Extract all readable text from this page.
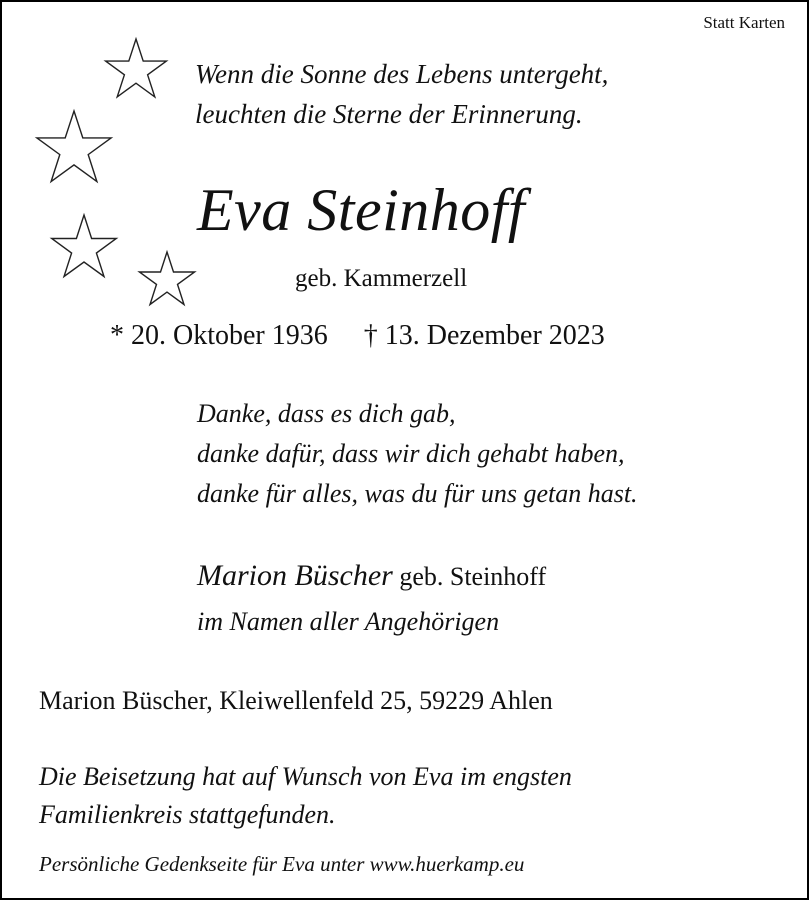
Statt Karten
Wenn die Sonne des Lebens untergeht,
leuchten die Sterne der Erinnerung.
Eva Steinhoff
geb. Kammerzell
* 20. Oktober 1936 † 13. Dezember 2023
Danke, dass es dich gab,
danke dafür, dass wir dich gehabt haben,
danke für alles, was du für uns getan hast.
Marion Büscher geb. Steinhoff
im Namen aller Angehörigen
Marion Büscher, Kleiwellenfeld 25, 59229 Ahlen
Die Beisetzung hat auf Wunsch von Eva im engsten
Familienkreis stattgefunden.
Persönliche Gedenkseite für Eva unter www.huerkamp.eu
